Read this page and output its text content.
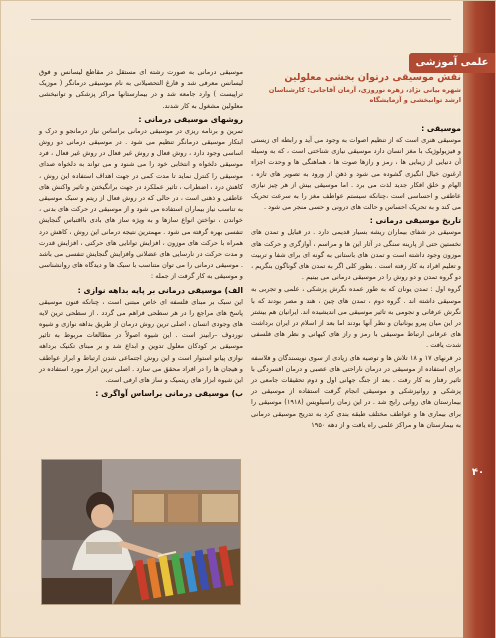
علمی آموزشی
۴۰
نقش موسیقی درتوان بخشی معلولین
شهره بیانی نژاد، زهره نوروزی، آرمان آقاجانی: کارشناسان ارشد توانبخشی و آزمایشگاه
موسیقی :
موسیقی هنری است که از تنظیم اصوات به وجود می آید و رابطه ای زیستی و فیزیولوژیک با مغز انسان دارد موسیقی نیازی شناختی است ، که به وسیله آن دنیایی از زیبایی ها ، رمز و رازها صوت ها ، هماهنگی ها و وحدت اجزاء ارغنون خیال انگیزی گشوده می شود و ذهن از ورود به تصویر های تازه ، الهام و خلق افکار جدید لذت می برد . اما موسیقی بیش از هر چیز نیازی عاطفی و احساسی است ،چنانکه سیستم عواطف مغز را به سرعت تحریک می کند و به تحریک احساس و حالت های درونی و حسی منجر می شود .
تاریخ موسیقی درمانی :
موسیقی در شفای بیماران ریشه بسیار قدیمی دارد . در قبایل و تمدن های نخستین حتی از پارینه سنگی در آثار این ها و مراسم ، آوازگری و حرکت های موزون وجود داشته است و تمدن های باستانی به گونه ای برای شفا و تربیت و تعلیم افراد به کار رفته است . بطور کلی اگر به تمدن های گوناگون بنگریم ، دو گروه تمدن و دو روش را در موسیقی درمانی می بینیم .
گروه اول : تمدن یونان که به طور عمده نگرش پزشکی ، علمی و تجربی به موسیقی داشته اند . گروه دوم ، تمدن های چین ، هند و مصر بودند که با نگرش عرفانی و نجومی به تاثیر موسیقی می اندیشیده اند. ایرانیان هم بیشتر در این میان پیرو یونانیان و نظر آنها بودند اما بعد از اسلام در ایران برداشت های عرفانی ارتباط موسیقی با رمز و راز های کیهانی و نظر های فلسفی شدت یافت .
در قرنهای ۱۷ و ۱۸ تلاش ها و توصیه های زیادی از سوی نویسندگان و فلاسفه برای استفاده از موسیقی در درمان ناراحتی های عصبی و درمان افسردگی با تاثیر رفتار به کار رفت . بعد از جنگ جهانی اول و دوم تحقیقات جامعی در پزشکی و روانپزشکی و موسیقی انجام گرفت استفاده از موسیقی در بیمارستان های روانی رایج شد . در این زمان راسیلویس (۱۹۱۸) موسیقی را برای بیماری ها و عواطف مختلف طبقه بندی کرد به تدریج موسیقی درمانی به بیمارستان ها و مراکز علمی راه یافت و از دهه ۱۹۵۰
موسیقی درمانی به صورت رشته ای مستقل در مقاطع لیسانس و فوق لیسانس معرفی شد و فارغ التحصیلانی به نام موسیقی درمانگر ( موزیک تراپیست ) وارد جامعه شد و در بیمارستانها مراکز پزشکی و توانبخشی معلولین مشغول به کار شدند.
روشهای موسیقی درمانی :
تمرین و برنامه ریزی در موسیقی درمانی براساس نیاز درمانجو و درک و ابتکار موسیقی درمانگر تنظیم می شود . در موسیقی درمانی دو روش اساسی وجود دارد ، روش فعال و روش غیر فعال در روش غیر فعال ، فرد موسیقی دلخواه و انتخابی خود را می شنود و می تواند به دلخواه صدای موسیقی را کنترل نماید تا مدت کمی در جهت اهداف استفاده این روش ، کاهش درد ، اضطراب ، تاثیر عملکرد در جهت برانگیختن و تاثیر واکنش های عاطفی و ذهنی است ، در حالی که در روش فعال از ریتم و سبک موسیقی به تناسب نیاز بیماران استفاده می شود و از موسیقی در حرکت های بدنی ، خواندن ، نواختن انواع سازها و به ویژه ساز های بادی بااقتباس گنجایش تنفسی بهره گرفته می شود . مهمترین نتیجه درمانی این روش ، کاهش درد همراه با حرکت های موزون ، افزایش توانایی های حرکتی ، افزایش قدرت و مدت حرکت در نارسایی های عضلانی وافزایش گنجایش تنفسی می باشد . موسیقی درمانی را می توان متناسب با سبک ها و دیدگاه های روانشناسی و موسیقی به کار گرفت از جمله :
الف) موسیقی درمانی بر پایه بداهه نوازی :
این سبک بر مبنای فلسفه ای خاص مبتنی است ، چنانکه فنون موسیقی پاسخ های مراجع را در هر سطحی فراهم می گردد . از سطحی ترین لایه های وجودی انسان ، اصلی ترین روش درمان از طریق بداهه نوازی و شیوه نوردوف –رابینز است . این شیوه اصولاً در مطالعات مربوط به تاثیر موسیقی بر کودکان معلول تدوین و ابداع شد و بر مبنای تکنیک برداهه نوازی پیانو استوار است و این روش اجتماعی شدن ارتباط و ابراز عواطف و هیجان ها را در افراد محقق می سازد . اصلی ترین ابزار مورد استفاده در این شیوه ابزار های ریتمیک و ساز های ارفی است.
ب) موسیقی درمانی براساس آواگری :
